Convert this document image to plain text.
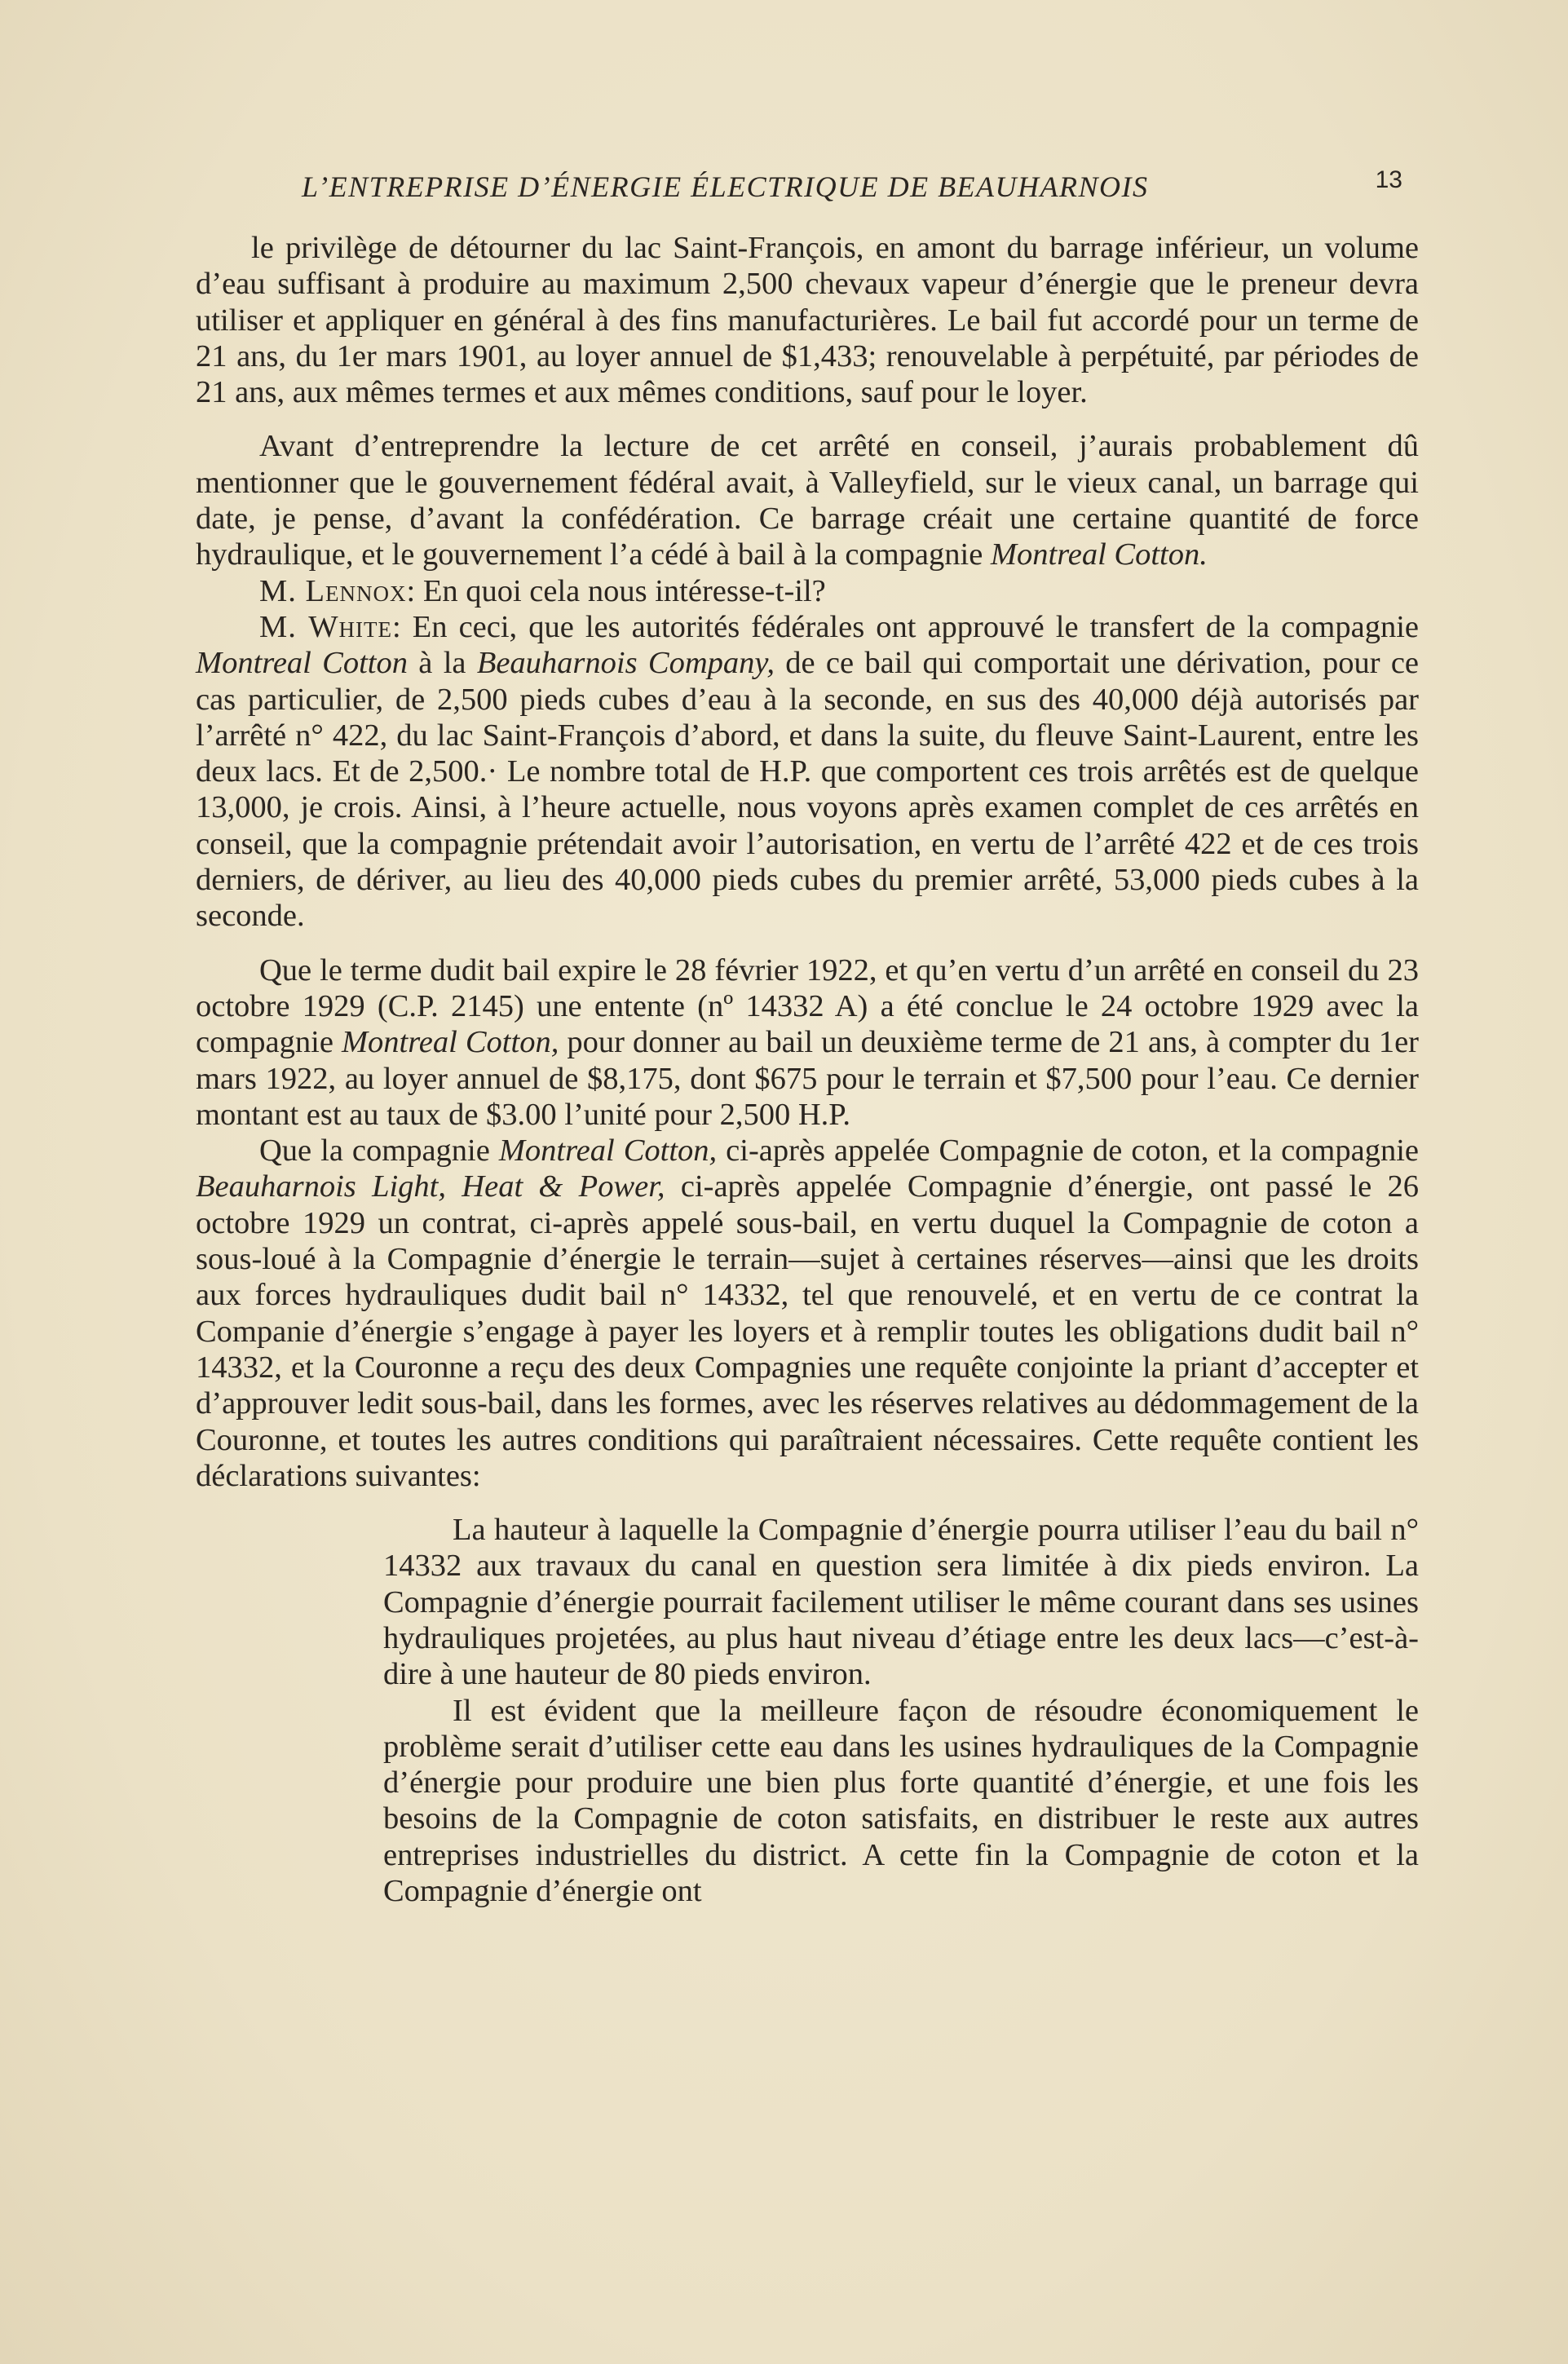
L’ENTREPRISE D’ÉNERGIE ÉLECTRIQUE DE BEAUHARNOIS	13

le privilège de détourner du lac Saint-François, en amont du barrage inférieur, un volume d’eau suffisant à produire au maximum 2,500 chevaux vapeur d’énergie que le preneur devra utiliser et appliquer en général à des fins manufacturières. Le bail fut accordé pour un terme de 21 ans, du 1er mars 1901, au loyer annuel de $1,433; renouvelable à perpétuité, par périodes de 21 ans, aux mêmes termes et aux mêmes conditions, sauf pour le loyer.

Avant d’entreprendre la lecture de cet arrêté en conseil, j’aurais probablement dû mentionner que le gouvernement fédéral avait, à Valleyfield, sur le vieux canal, un barrage qui date, je pense, d’avant la confédération. Ce barrage créait une certaine quantité de force hydraulique, et le gouvernement l’a cédé à bail à la compagnie Montreal Cotton.

M. Lennox: En quoi cela nous intéresse-t-il?

M. White: En ceci, que les autorités fédérales ont approuvé le transfert de la compagnie Montreal Cotton à la Beauharnois Company, de ce bail qui comportait une dérivation, pour ce cas particulier, de 2,500 pieds cubes d’eau à la seconde, en sus des 40,000 déjà autorisés par l’arrêté n° 422, du lac Saint-François d’abord, et dans la suite, du fleuve Saint-Laurent, entre les deux lacs. Et de 2,500.· Le nombre total de H.P. que comportent ces trois arrêtés est de quelque 13,000, je crois. Ainsi, à l’heure actuelle, nous voyons après examen complet de ces arrêtés en conseil, que la compagnie prétendait avoir l’autorisation, en vertu de l’arrêté 422 et de ces trois derniers, de dériver, au lieu des 40,000 pieds cubes du premier arrêté, 53,000 pieds cubes à la seconde.

Que le terme dudit bail expire le 28 février 1922, et qu’en vertu d’un arrêté en conseil du 23 octobre 1929 (C.P. 2145) une entente (nº 14332 A) a été conclue le 24 octobre 1929 avec la compagnie Montreal Cotton, pour donner au bail un deuxième terme de 21 ans, à compter du 1er mars 1922, au loyer annuel de $8,175, dont $675 pour le terrain et $7,500 pour l’eau. Ce dernier montant est au taux de $3.00 l’unité pour 2,500 H.P.

Que la compagnie Montreal Cotton, ci-après appelée Compagnie de coton, et la compagnie Beauharnois Light, Heat & Power, ci-après appelée Compagnie d’énergie, ont passé le 26 octobre 1929 un contrat, ci-après appelé sous-bail, en vertu duquel la Compagnie de coton a sous-loué à la Compagnie d’énergie le terrain—sujet à certaines réserves—ainsi que les droits aux forces hydrauliques dudit bail n° 14332, tel que renouvelé, et en vertu de ce contrat la Companie d’énergie s’engage à payer les loyers et à remplir toutes les obligations dudit bail n° 14332, et la Couronne a reçu des deux Compagnies une requête conjointe la priant d’accepter et d’approuver ledit sous-bail, dans les formes, avec les réserves relatives au dédommagement de la Couronne, et toutes les autres conditions qui paraîtraient nécessaires. Cette requête contient les déclarations suivantes:

La hauteur à laquelle la Compagnie d’énergie pourra utiliser l’eau du bail n° 14332 aux travaux du canal en question sera limitée à dix pieds environ. La Compagnie d’énergie pourrait facilement utiliser le même courant dans ses usines hydrauliques projetées, au plus haut niveau d’étiage entre les deux lacs—c’est-à-dire à une hauteur de 80 pieds environ.

Il est évident que la meilleure façon de résoudre économiquement le problème serait d’utiliser cette eau dans les usines hydrauliques de la Compagnie d’énergie pour produire une bien plus forte quantité d’énergie, et une fois les besoins de la Compagnie de coton satisfaits, en distribuer le reste aux autres entreprises industrielles du district. A cette fin la Compagnie de coton et la Compagnie d’énergie ont
